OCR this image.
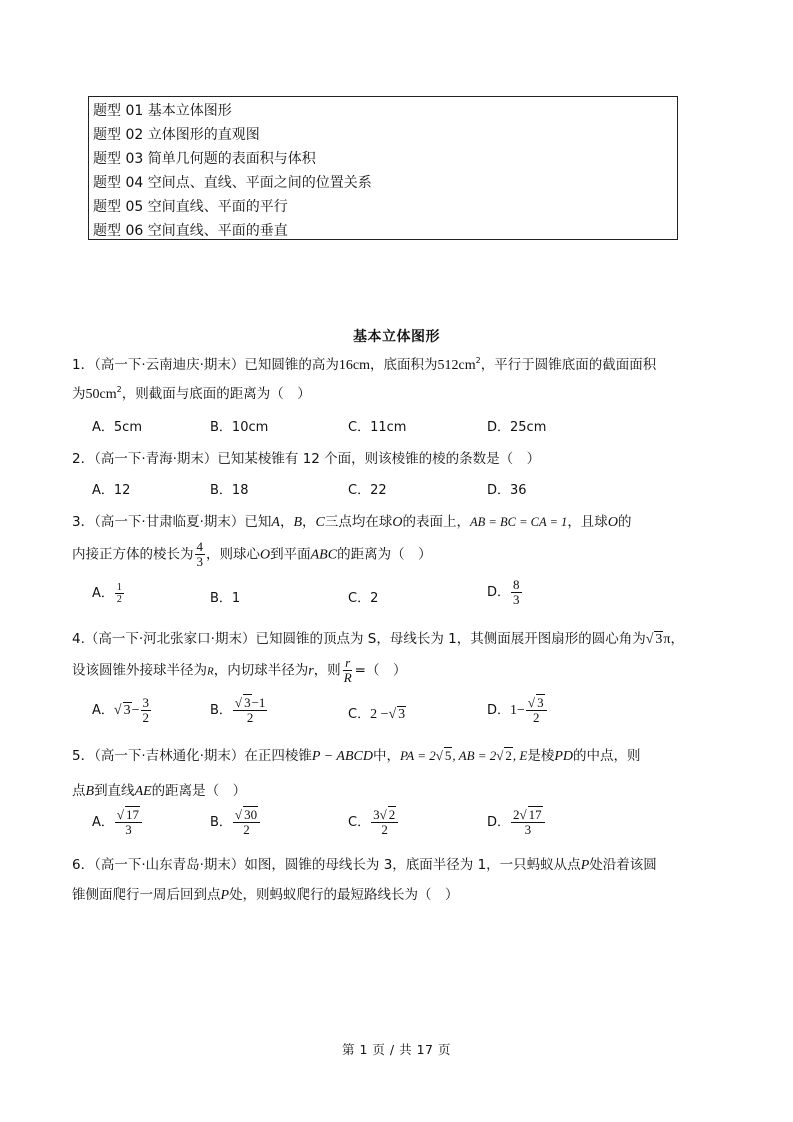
题型 01 基本立体图形
题型 02 立体图形的直观图
题型 03 简单几何题的表面积与体积
题型 04 空间点、直线、平面之间的位置关系
题型 05 空间直线、平面的平行
题型 06 空间直线、平面的垂直
基本立体图形
1．（高一下·云南迪庆·期末）已知圆锥的高为16cm，底面积为$512cm^2$，平行于圆锥底面的截面面积
为$50cm^2$，则截面与底面的距离为（　）
A．5cm	B．10cm	C．11cm	D．25cm
2．（高一下·青海·期末）已知某棱锥有 12 个面，则该棱锥的棱的条数是（　）
A．12	B．18	C．22	D．36
3．（高一下·甘肃临夏·期末）已知A，B，C三点均在球O的表面上，AB = BC = CA = 1，且球O的
内接正方体的棱长为 $\frac{4}{3}$ ，则球心O到平面ABC的距离为（　）
A． $\frac{1}{2}$	B．1	C．2	D． $\frac{8}{3}$
4.（高一下·河北张家口·期末）已知圆锥的顶点为 S，母线长为 1，其侧面展开图扇形的圆心角为√ 3π，
设该圆锥外接球半径为R，内切球半径为r，则 $\frac{r}{R}$ =（　）
A．√ $3- \frac{3}{2}$	B． $\frac{√ 3-1}{2}$	C．2 −√ 3	D．$1- \frac{√ 3}{2}$
5．（高一下·吉林通化·期末）在正四棱锥P − ABCD中，PA = 2√ 5, AB = 2√ 2, E是棱PD的中点，则
点B到直线AE的距离是（　）
A． $\frac{√ 17}{3}$	B． $\frac{√ 30}{2}$	C． $\frac{3√ 2}{2}$	D． $\frac{2√ 17}{3}$
6．（高一下·山东青岛·期末）如图，圆锥的母线长为 3，底面半径为 1，一只蚂蚁从点P处沿着该圆
锥侧面爬行一周后回到点P处，则蚂蚁爬行的最短路线长为（　）
第 1 页 / 共 17 页
